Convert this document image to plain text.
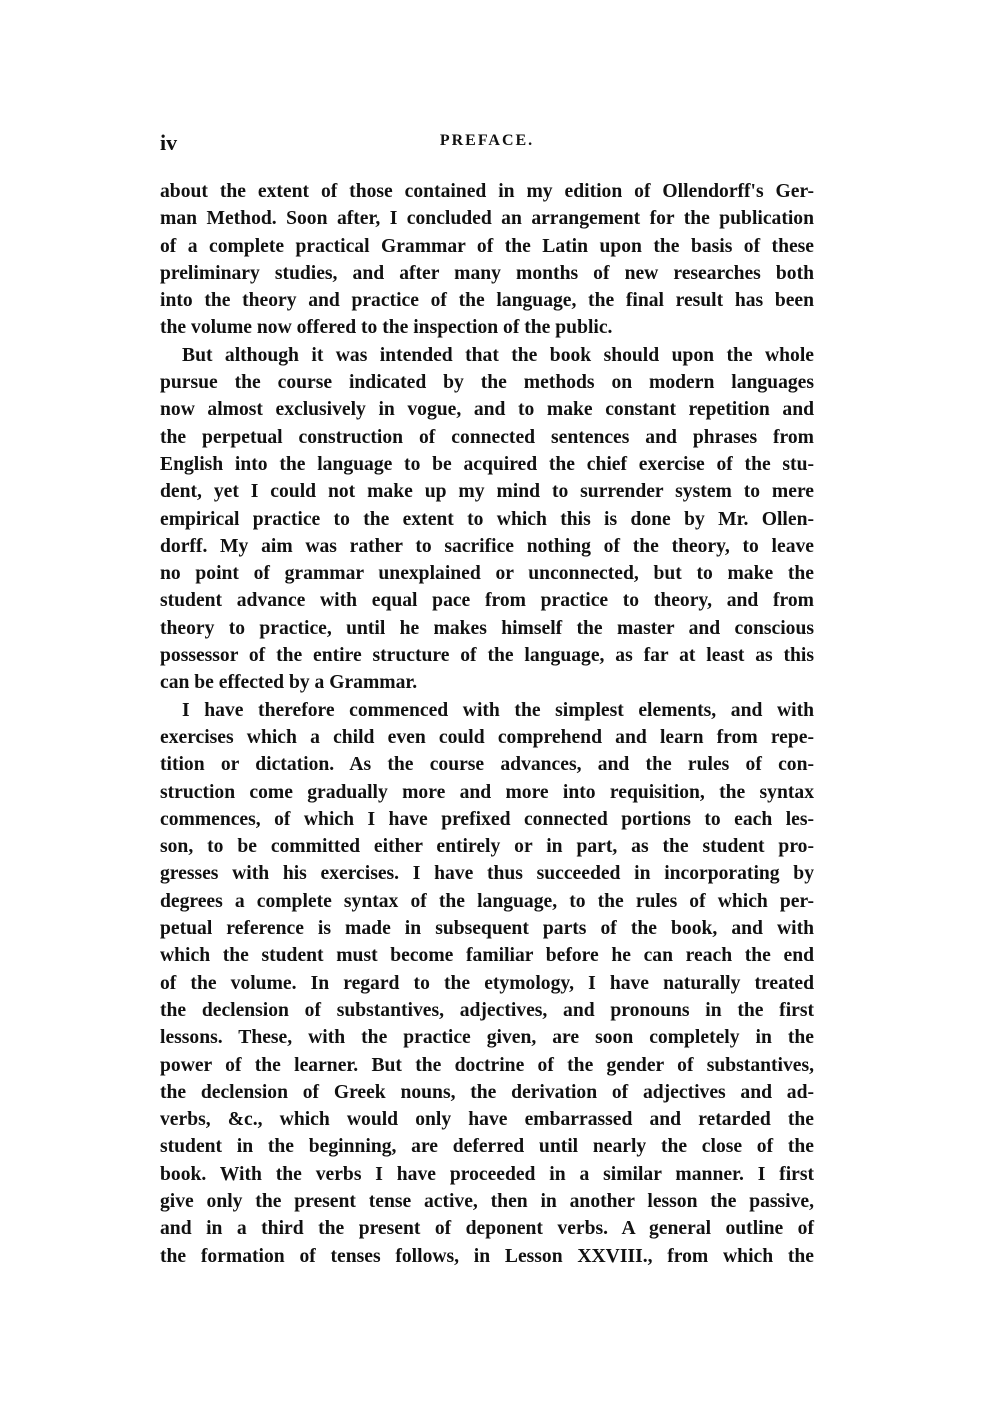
iv	PREFACE.
about the extent of those contained in my edition of Ollendorff's Ger-
man Method. Soon after, I concluded an arrangement for the publication
of a complete practical Grammar of the Latin upon the basis of these
preliminary studies, and after many months of new researches both
into the theory and practice of the language, the final result has been
the volume now offered to the inspection of the public.
But although it was intended that the book should upon the whole
pursue the course indicated by the methods on modern languages
now almost exclusively in vogue, and to make constant repetition and
the perpetual construction of connected sentences and phrases from
English into the language to be acquired the chief exercise of the stu-
dent, yet I could not make up my mind to surrender system to mere
empirical practice to the extent to which this is done by Mr. Ollen-
dorff. My aim was rather to sacrifice nothing of the theory, to leave
no point of grammar unexplained or unconnected, but to make the
student advance with equal pace from practice to theory, and from
theory to practice, until he makes himself the master and conscious
possessor of the entire structure of the language, as far at least as this
can be effected by a Grammar.
I have therefore commenced with the simplest elements, and with
exercises which a child even could comprehend and learn from repe-
tition or dictation. As the course advances, and the rules of con-
struction come gradually more and more into requisition, the syntax
commences, of which I have prefixed connected portions to each les-
son, to be committed either entirely or in part, as the student pro-
gresses with his exercises. I have thus succeeded in incorporating by
degrees a complete syntax of the language, to the rules of which per-
petual reference is made in subsequent parts of the book, and with
which the student must become familiar before he can reach the end
of the volume. In regard to the etymology, I have naturally treated
the declension of substantives, adjectives, and pronouns in the first
lessons. These, with the practice given, are soon completely in the
power of the learner. But the doctrine of the gender of substantives,
the declension of Greek nouns, the derivation of adjectives and ad-
verbs, &c., which would only have embarrassed and retarded the
student in the beginning, are deferred until nearly the close of the
book. With the verbs I have proceeded in a similar manner. I first
give only the present tense active, then in another lesson the passive,
and in a third the present of deponent verbs. A general outline of
the formation of tenses follows, in Lesson XXVIII., from which the
